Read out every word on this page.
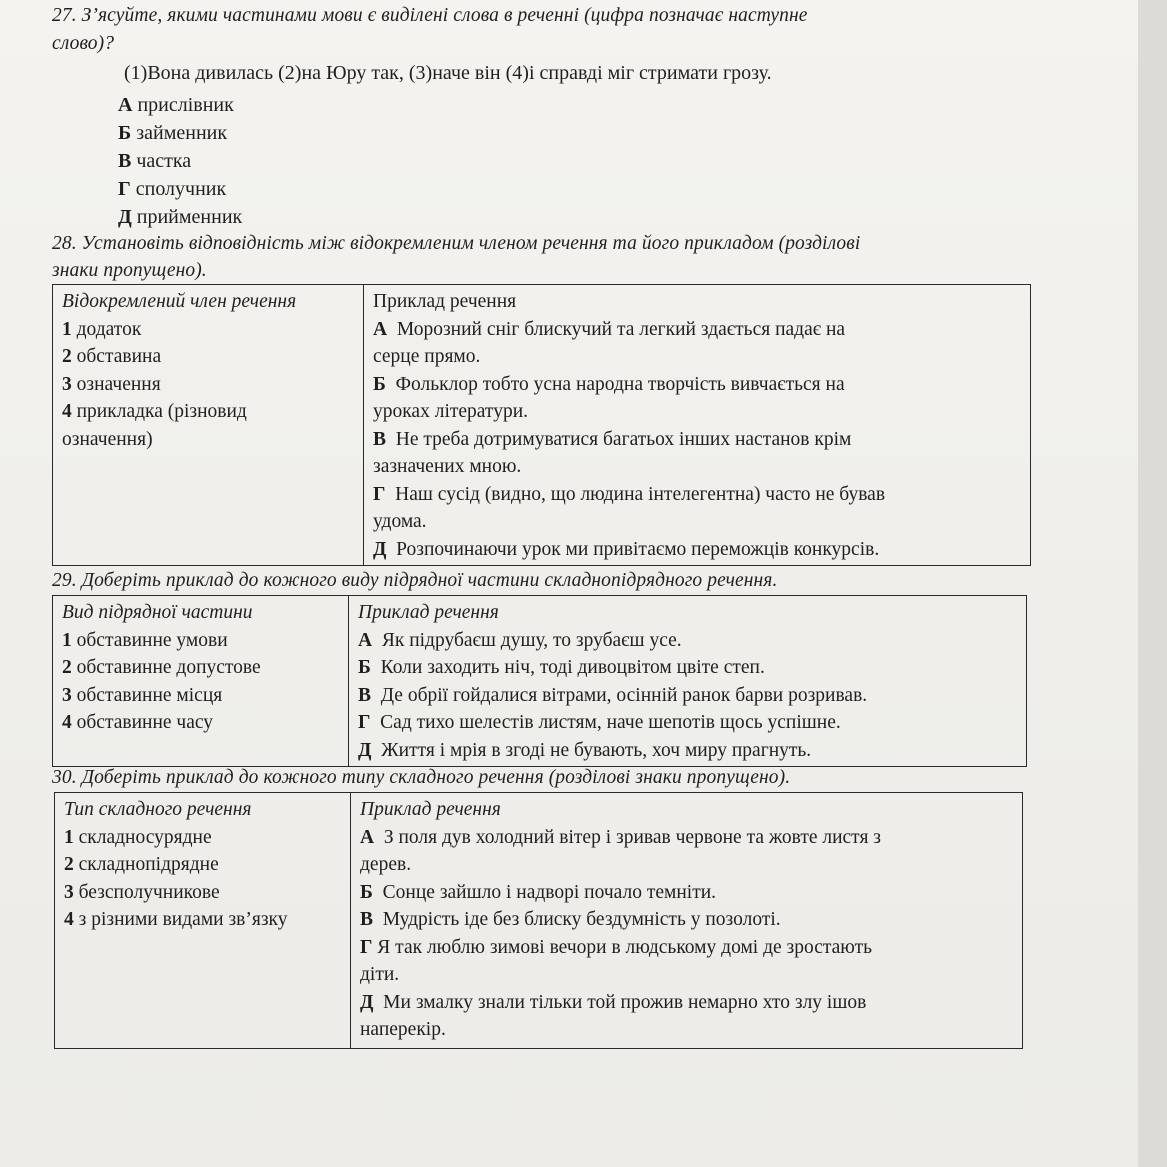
27. З’ясуйте, якими частинами мови є виділені слова в реченні (цифра позначає наступне
слово)?
(1)Вона дивилась (2)на Юру так, (3)наче він (4)і справді міг стримати грозу.
А прислівник
Б займенник
В частка
Г сполучник
Д прийменник
28. Установіть відповідність між відокремленим членом речення та його прикладом (розділові
знаки пропущено).
Відокремлений член речення
1 додаток
2 обставина
3 означення
4 прикладка (різновид
означення)

Приклад речення
А Морозний сніг блискучий та легкий здається падає на
серце прямо.
Б Фольклор тобто усна народна творчість вивчається на
уроках літератури.
В Не треба дотримуватися багатьох інших настанов крім
зазначених мною.
Г Наш сусід (видно, що людина інтелегентна) часто не бував
удома.
Д Розпочинаючи урок ми привітаємо переможців конкурсів.
29. Доберіть приклад до кожного виду підрядної частини складнопідрядного речення.
Вид підрядної частини
1 обставинне умови
2 обставинне допустове
3 обставинне місця
4 обставинне часу

Приклад речення
А Як підрубаєш душу, то зрубаєш усе.
Б Коли заходить ніч, тоді дивоцвітом цвіте степ.
В Де обрії гойдалися вітрами, осінній ранок барви розривав.
Г Сад тихо шелестів листям, наче шепотів щось успішне.
Д Життя і мрія в згоді не бувають, хоч миру прагнуть.
30. Доберіть приклад до кожного типу складного речення (розділові знаки пропущено).
Тип складного речення
1 складносурядне
2 складнопідрядне
3 безсполучникове
4 з різними видами зв’язку

Приклад речення
А З поля дув холодний вітер і зривав червоне та жовте листя з
дерев.
Б Сонце зайшло і надворі почало темніти.
В Мудрість іде без блиску бездумність у позолоті.
Г Я так люблю зимові вечори в людському домі де зростають
діти.
Д Ми змалку знали тільки той прожив немарно хто злу ішов
наперекір.
